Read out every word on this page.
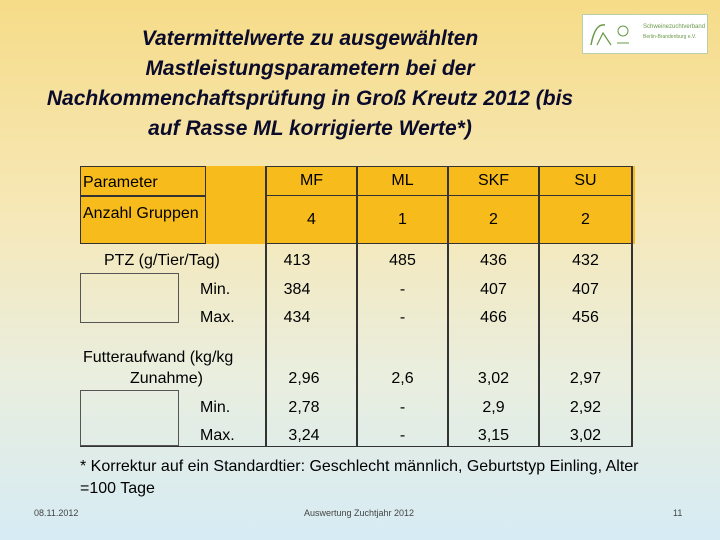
Vatermittelwerte zu ausgewählten Mastleistungsparametern bei der Nachkommenchaftsprüfung in Groß Kreutz 2012 (bis auf Rasse ML korrigierte Werte*)
Schweinezuchtverband
Berlin-Brandenburg e.V.
Parameter	MF	ML	SKF	SU
Anzahl Gruppen	4	1	2	2
PTZ (g/Tier/Tag)	413	485	436	432
Min.	384	-	407	407
Max.	434	-	466	456
Futteraufwand (kg/kg
Zunahme)	2,96	2,6	3,02	2,97
Min.	2,78	-	2,9	2,92
Max.	3,24	-	3,15	3,02
* Korrektur auf ein Standardtier: Geschlecht männlich, Geburtstyp Einling, Alter =100 Tage
08.11.2012	Auswertung Zuchtjahr 2012	11
